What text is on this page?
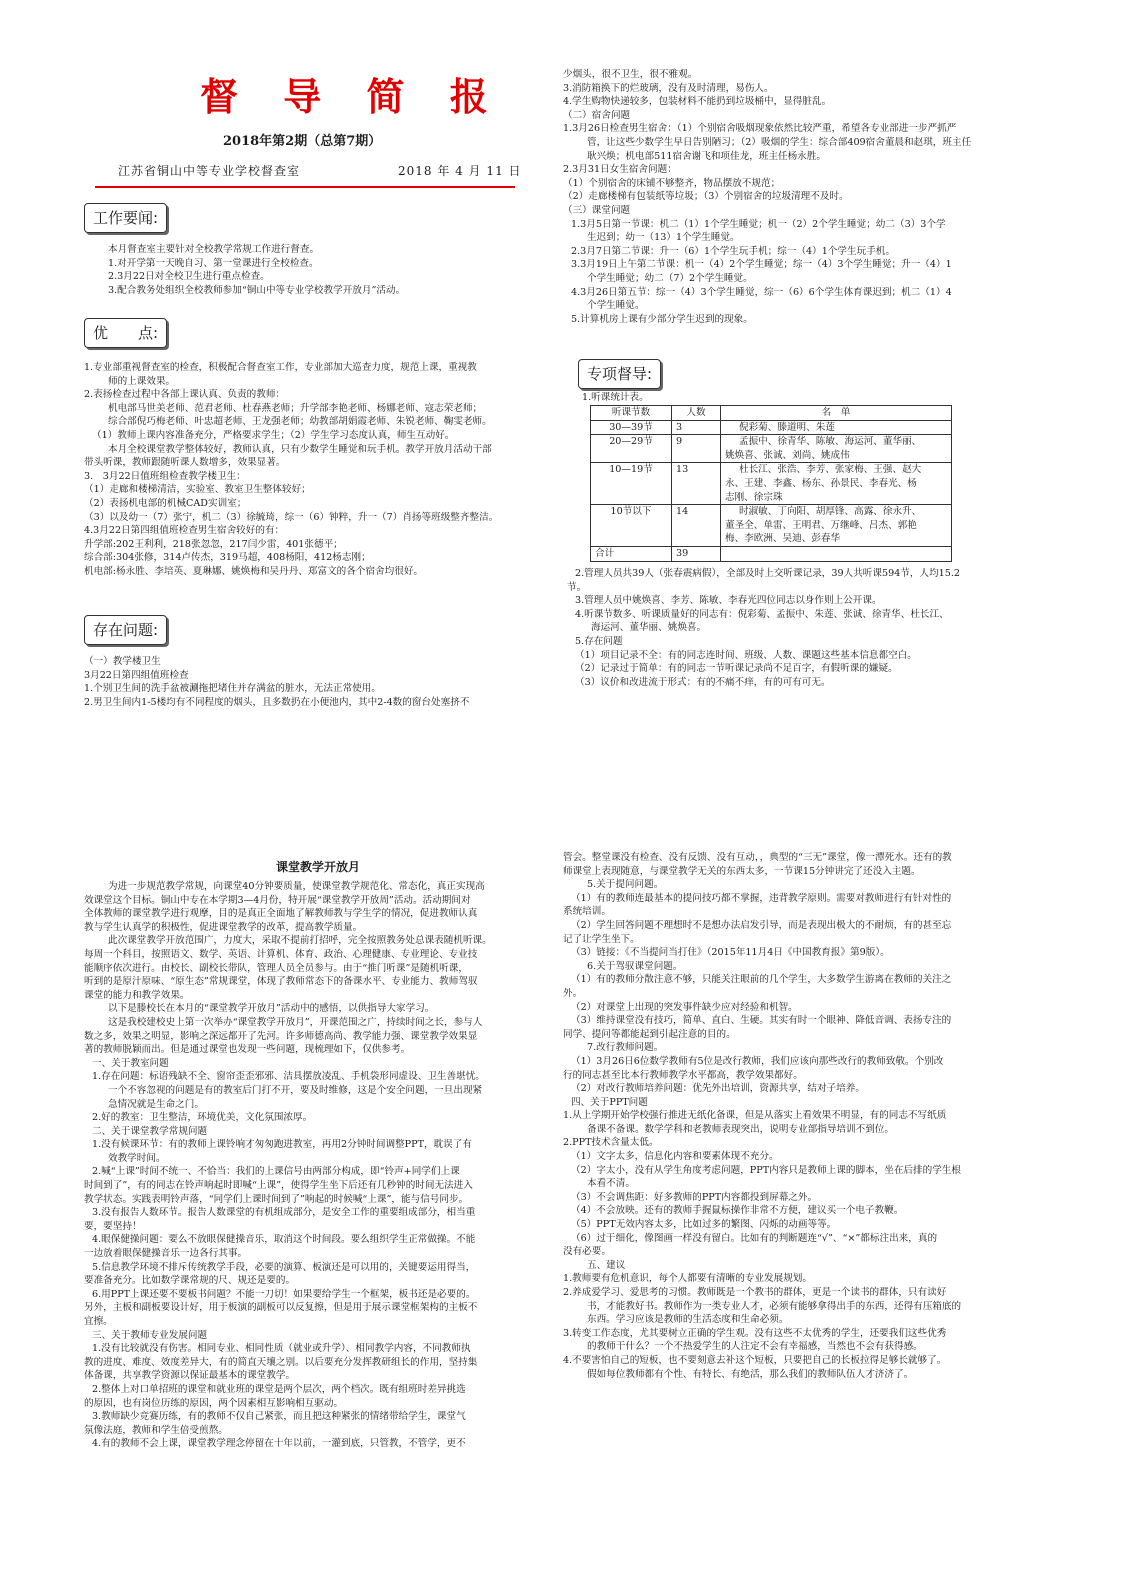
督 导 简 报
2018年第2期（总第7期）
江苏省铜山中等专业学校督查室	2018 年 4 月 11 日
工作要闻:
优　　点:
存在问题:
专项督导:

本月督查室主要针对全校教学常规工作进行督查。

1.对开学第一天晚自习、第一堂课进行全校检查。

2.3月22日对全校卫生进行重点检查。

3.配合教务处组织全校教师参加“铜山中等专业学校教学开放月”活动。

1.专业部重视督查室的检查，积极配合督查室工作，专业部加大巡查力度，规范上课，重视教

师的上课效果。

2.表扬检查过程中各部上课认真、负责的教师：

机电部马世美老师、范君老师、杜春燕老师；升学部李艳老师、杨娜老师、寇志荣老师；

综合部倪巧梅老师、叶忠超老师、王龙强老师；幼教部胡娟霞老师、朱锐老师、鞠雯老师。

（1）教师上课内容准备充分，严格要求学生；（2）学生学习态度认真，师生互动好。

本月全校课堂教学整体较好，教师认真，只有少数学生睡觉和玩手机。教学开放月活动干部

带头听课，教师跟随听课人数增多，效果显著。

3.　3月22日值班组检查教学楼卫生：

（1）走廊和楼梯清洁，实验室、教室卫生整体较好；

（2）表扬机电部的机械CAD实训室；

（3）以及幼一（7）张宁，机二（3）徐毓琦，综一（6）钟粹，升一（7）肖扬等班级整齐整洁。

4.3月22日第四组值班检查男生宿舍较好的有：

升学部:202王利利，218张忽忽，217闫少雷，401张德平；

综合部:304张修，314卢传杰，319马超，408杨阳，412杨志刚；

机电部:杨永胜、李培英、夏琳娜、姚焕梅和吴丹丹、郑富文的各个宿舍均很好。

（一）教学楼卫生

3月22日第四组值班检查

1.个别卫生间的洗手盆被涮拖把堵住并存满盆的脏水，无法正常使用。

2.男卫生间内1-5楼均有不同程度的烟头，且多数扔在小便池内，其中2-4数的窗台处塞挤不

少烟头，很不卫生，很不雅观。

3.消防箱换下的烂玻璃，没有及时清理，易伤人。

4.学生购物快递较多，包装材料不能扔到垃圾桶中，显得脏乱。

（二）宿舍问题

1.3月26日检查男生宿舍：（1）个别宿舍吸烟现象依然比较严重，希望各专业部进一步严抓严

管，让这些少数学生早日告别陋习；（2）吸烟的学生：综合部409宿舍董晨和赵琪，班主任

耿兴焕；机电部511宿舍谢飞和项佳龙，班主任杨永胜。

2.3月31日女生宿舍问题：

（1）个别宿舍的床铺不够整齐，物品摆放不规范；

（2）走廊楼梯有包装纸等垃圾；（3）个别宿舍的垃圾清理不及时。

（三）课堂问题

1.3月5日第一节课：机二（1）1个学生睡觉；机一（2）2个学生睡觉；幼二（3）3个学

生迟到；幼一（13）1个学生睡觉。

2.3月7日第二节课：升一（6）1个学生玩手机；综一（4）1个学生玩手机。

3.3月19日上午第二节课：机一（4）2个学生睡觉；综一（4）3个学生睡觉；升一（4）1

个学生睡觉；幼二（7）2个学生睡觉。

4.3月26日第五节：综一（4）3个学生睡觉，综一（6）6个学生体育课迟到；机二（1）4

个学生睡觉。

5.计算机房上课有少部分学生迟到的现象。

1.听课统计表。
听课节数	人数	名　单
30—39节	3	倪彩菊、滕道明、朱莲

20—29节	9	孟振中、徐青华、陈敏、海运河、董华丽、
姚焕喜、张诚、刘尚、姚成伟

10—19节	13	杜长江、张浩、李芳、张家梅、王强、赵大
永、王建、李鑫、杨东、孙景民、李春光、杨
志刚、徐宗珠

10节以下	14	时淑敏、丁向阳、胡厚锋、高露、徐永升、
董圣全、单雷、王明君、万继峰、吕杰、郭艳
梅、李欧洲、吴迪、彭春华

合计	39	

2.管理人员共39人（张春震病假），全部及时上交听课记录，39人共听课594节，人均15.2

节。

3.管理人员中姚焕喜、李芳、陈敏、李春光四位同志以身作则上公开课。

4.听课节数多、听课质量好的同志有：倪彩菊、孟振中、朱莲、张诚、徐青华、杜长江、

海运河、董华丽、姚焕喜。

5.存在问题

（1）项目记录不全：有的同志连时间、班级、人数、课题这些基本信息都空白。

（2）记录过于简单：有的同志一节听课记录尚不足百字，有假听课的嫌疑。

（3）议价和改进流于形式：有的不痛不痒，有的可有可无。

课堂教学开放月

为进一步规范教学常规，向课堂40分钟要质量，使课堂教学规范化、常态化，真正实现高

效课堂这个目标。铜山中专在本学期3—4月份，特开展“课堂教学开放周”活动。活动期间对

全体教师的课堂教学进行观摩，目的是真正全面地了解教师教与学生学的情况，促进教师认真

教与学生认真学的积极性，促进课堂教学的改革，提高教学质量。

此次课堂教学开放范围广，力度大，采取不提前打招呼，完全按照教务处总课表随机听课。

每周一个科目，按照语文、数学、英语、计算机、体育、政治、心理健康、专业理论、专业技

能顺序依次进行。由校长、副校长带队，管理人员全员参与。由于“推门听课”是随机听课，

听到的是原汁原味、“原生态”常规课堂，体现了教师常态下的备课水平、专业能力、教师驾驭

课堂的能力和教学效果。

以下是滕校长在本月的“课堂教学开放月”活动中的感悟，以供指导大家学习。

这是我校建校史上第一次举办“课堂教学开放月”，开课范围之广，持续时间之长，参与人

数之多，效果之明显，影响之深远都开了先河。许多师德高尚、教学能力强、课堂教学效果显

著的教师脱颖而出。但是通过课堂也发现一些问题，现梳理如下，仅供参考。

一、关于教室问题

1.存在问题：标语残缺不全、窗帘歪歪邪邪、洁具摆放凌乱、手机袋形同虚设、卫生善堪忧。

一个不容忽视的问题是有的教室后门打不开，要及时维修，这是个安全问题，一旦出现紧

急情况就是生命之门。

2.好的教室：卫生整洁，环境优美，文化氛围浓厚。

二、关于课堂教学常规问题

1.没有候课环节：有的教师上课铃响才匆匆跑进教室，再用2分钟时间调整PPT，耽误了有

效教学时间。

2.喊“上课”时间不统一、不恰当：我们的上课信号由两部分构成，即“铃声+同学们上课

时间到了”，有的同志在铃声响起时即喊“上课”，使得学生坐下后还有几秒钟的时间无法进入

教学状态。实践表明铃声落，“同学们上课时间到了”响起的时候喊“上课”，能与信号同步。

3.没有报告人数环节。报告人数课堂的有机组成部分，是安全工作的重要组成部分，相当重

要，要坚持！

4.眼保健操问题：要么不放眼保健操音乐，取消这个时间段。要么组织学生正常做操。不能

一边放着眼保健操音乐一边各行其事。

5.信息教学环境不排斥传统教学手段，必要的演算、板演还是可以用的，关键要运用得当，

要准备充分。比如数学课常规的尺、规还是要的。

6.用PPT上课还要不要板书问题？不能一刀切！如果要给学生一个框架，板书还是必要的。

另外，主板和副板要设计好，用于板演的副板可以反复擦，但是用于展示课堂框架构的主板不

宜擦。

三、关于教师专业发展问题

1.没有比较就没有伤害。相同专业、相同性质（就业或升学）、相同教学内容，不同教师执

教的进度、难度、效度差异大，有的简直天壤之别。以后要充分发挥教研组长的作用，坚持集

体备课，共享教学资源以保证最基本的课堂教学。

2.整体上对口单招班的课堂和就业班的课堂是两个层次，两个档次。既有组班时差异挑选

的原因，也有岗位历练的原因，两个因素相互影响相互驱动。

3.教师缺少竞赛历练，有的教师不仅自己紧张，而且把这种紧张的情绪带给学生，课堂气

氛像法庭，教师和学生倍受煎熬。

4.有的教师不会上课，课堂教学理念停留在十年以前，一灌到底，只管教，不管学，更不

管会。整堂课没有检查、没有反馈、没有互动，，典型的“三无”课堂，像一潭死水。还有的教

师课堂上表现随意，与课堂教学无关的东西太多，一节课15分钟讲完了还没入主题。

5.关于提问问题。

（1）有的教师连最基本的提问技巧都不掌握，违背教学原则。需要对教师进行有针对性的

系统培训。

（2）学生回答问题不理想时不是想办法启发引导，而是表现出极大的不耐烦，有的甚至忘

记了让学生坐下。

（3）链接：《不当提问当打住》（2015年11月4日《中国教育报》第9版）。

6.关于驾驭课堂问题。

（1）有的教师分散注意不够，只能关注眼前的几个学生，大多数学生游离在教师的关注之

外。

（2）对课堂上出现的突发事件缺少应对经验和机智。

（3）维持课堂没有技巧，简单、直白、生硬。其实有时一个眼神、降低音调、表扬专注的

同学、提问等都能起到引起注意的目的。

7.改行教师问题。

（1）3月26日6位数学教师有5位是改行教师，我们应该向那些改行的教师致敬。个别改

行的同志甚至比本行教师教学水平都高，教学效果都好。

（2）对改行教师培养问题：优先外出培训，资源共享，结对子培养。

四、关于PPT问题

1.从上学期开始学校强行推进无纸化备课，但是从落实上看效果不明显，有的同志不写纸质

备课不备课。数学学科和老教师表现突出，说明专业部指导培训不到位。

2.PPT技术含量太低。

（1）文字太多，信息化内容和要素体现不充分。

（2）字太小，没有从学生角度考虑问题，PPT内容只是教师上课的脚本，坐在后排的学生根

本看不清。

（3）不会调焦距：好多教师的PPT内容都投到屏幕之外。

（4）不会放映。还有的教师手握鼠标操作非常不方便，建议买一个电子教鞭。

（5）PPT无效内容太多，比如过多的繁图、闪烁的动画等等。

（6）过于细化，像图画一样没有留白。比如有的判断题连“√”、“×”都标注出来，真的

没有必要。

五、建议

1.教师要有危机意识，每个人都要有清晰的专业发展规划。

2.养成爱学习、爱思考的习惯。教师既是一个教书的群体，更是一个读书的群体，只有读好

书，才能教好书。教师作为一类专业人才，必须有能够拿得出手的东西，还得有压箱底的

东西。学习应该是教师的生活态度和生命必须。

3.转变工作态度，尤其要树立正确的学生观。没有这些不太优秀的学生，还要我们这些优秀

的教师干什么？一个不热爱学生的人注定不会有幸福感，当然也不会有获得感。

4.不要害怕自己的短板，也不要刻意去补这个短板，只要把自己的长板拉得足够长就够了。

假如每位教师都有个性、有特长、有绝活，那么我们的教师队伍人才济济了。
